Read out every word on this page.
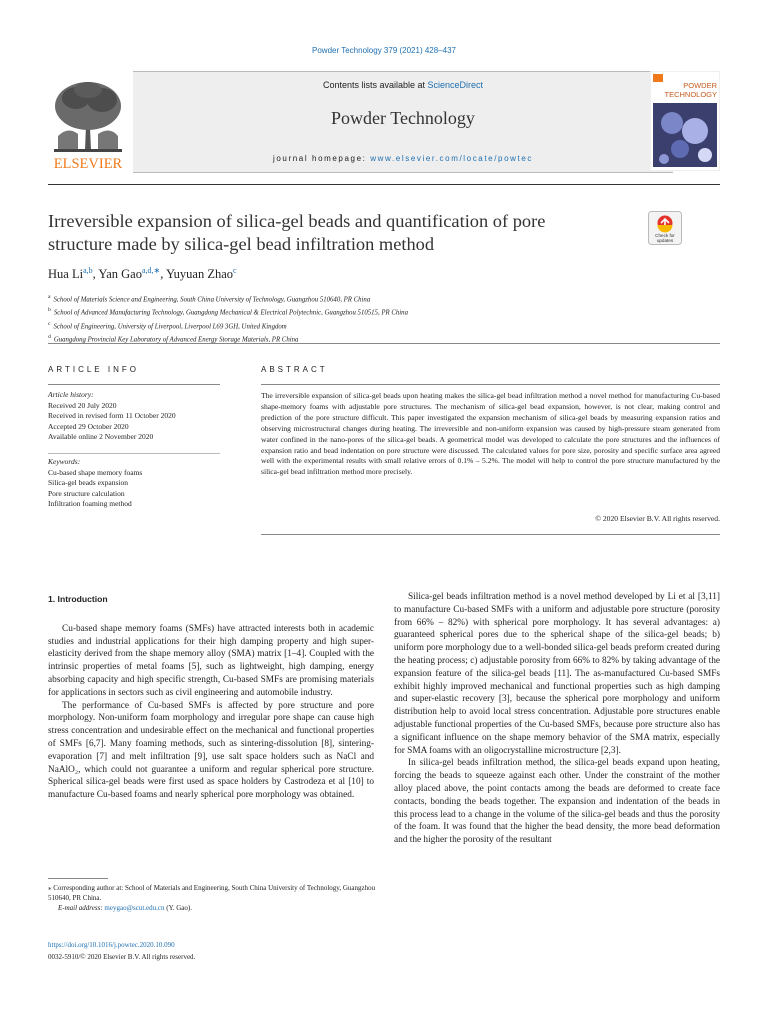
Powder Technology 379 (2021) 428–437
ELSEVIER
Contents lists available at ScienceDirect
Powder Technology
journal homepage: www.elsevier.com/locate/powtec
POWDER
TECHNOLOGY
Irreversible expansion of silica-gel beads and quantification of pore structure made by silica-gel bead infiltration method	Check for
updates
Hua Li$^{a,b}$, Yan Gao$^{a,d,∗}$, Yuyuan Zhao$^c$
$^a$ School of Materials Science and Engineering, South China University of Technology, Guangzhou 510640, PR China
$^b$ School of Advanced Manufacturing Technology, Guangdong Mechanical & Electrical Polytechnic, Guangzhou 510515, PR China
$^c$ School of Engineering, University of Liverpool, Liverpool L69 3GH, United Kingdom
$^d$ Guangdong Provincial Key Laboratory of Advanced Energy Storage Materials, PR China
ARTICLE INFO	ABSTRACT
Article history:
Received 20 July 2020
Received in revised form 11 October 2020
Accepted 29 October 2020
Available online 2 November 2020
Keywords:
Cu-based shape memory foams
Silica-gel beads expansion
Pore structure calculation
Infiltration foaming method

The irreversible expansion of silica-gel beads upon heating makes the silica-gel bead infiltration method a novel method for manufacturing Cu-based shape-memory foams with adjustable pore structures. The mechanism of silica-gel bead expansion, however, is not clear, making control and prediction of the pore structure difficult. This paper investigated the expansion mechanism of silica-gel beads by measuring expansion ratios and observing microstructural changes during heating. The irreversible and non-uniform expansion was caused by high-pressure steam generated from water confined in the nano-pores of the silica-gel beads. A geometrical model was developed to calculate the pore structures and the influences of expansion ratio and bead indentation on pore structure were discussed. The calculated values for pore size, porosity and specific surface area agreed well with the experimental results with small relative errors of 0.1% – 5.2%. The model will help to control the pore structure manufactured by the silica-gel bead infiltration method more precisely.

© 2020 Elsevier B.V. All rights reserved.
1. Introduction

Cu-based shape memory foams (SMFs) have attracted interests both in academic studies and industrial applications for their high damping property and high super-elasticity derived from the shape memory alloy (SMA) matrix [1–4]. Coupled with the intrinsic properties of metal foams [5], such as lightweight, high damping, energy absorbing capacity and high specific strength, Cu-based SMFs are promising materials for applications in sectors such as civil engineering and automobile industry.

The performance of Cu-based SMFs is affected by pore structure and pore morphology. Non-uniform foam morphology and irregular pore shape can cause high stress concentration and undesirable effect on the mechanical and functional properties of SMFs [6,7]. Many foaming methods, such as sintering-dissolution [8], sintering-evaporation [7] and melt infiltration [9], use salt space holders such as NaCl and NaAlO₂, which could not guarantee a uniform and regular spherical pore structure. Spherical silica-gel beads were first used as space holders by Castrodeza et al [10] to manufacture Cu-based foams and nearly spherical pore morphology was obtained.

Silica-gel beads infiltration method is a novel method developed by Li et al [3,11] to manufacture Cu-based SMFs with a uniform and adjustable pore structure (porosity from 66% – 82%) with spherical pore morphology. It has several advantages: a) guaranteed spherical pores due to the spherical shape of the silica-gel beads; b) uniform pore morphology due to a well-bonded silica-gel beads preform created during the heating process; c) adjustable porosity from 66% to 82% by taking advantage of the expansion feature of the silica-gel beads [11]. The as-manufactured Cu-based SMFs exhibit highly improved mechanical and functional properties such as high damping and super-elastic recovery [3], because the spherical pore morphology and uniform distribution help to avoid local stress concentration. Adjustable pore structures enable adjustable functional properties of the Cu-based SMFs, because pore structure also has a significant influence on the shape memory behavior of the SMA matrix, especially for SMA foams with an oligocrystalline microstructure [2,3].

In silica-gel beads infiltration method, the silica-gel beads expand upon heating, forcing the beads to squeeze against each other. Under the constraint of the mother alloy placed above, the point contacts among the beads are deformed to create face contacts, bonding the beads together. The expansion and indentation of the beads in this process lead to a change in the volume of the silica-gel beads and thus the porosity of the foam. It was found that the higher the bead density, the more bead deformation and the higher the porosity of the resultant

⁎ Corresponding author at: School of Materials and Engineering, South China University of Technology, Guangzhou 510640, PR China.
E-mail address: meygao@scut.edu.cn (Y. Gao).
https://doi.org/10.1016/j.powtec.2020.10.090
0032-5910/© 2020 Elsevier B.V. All rights reserved.
